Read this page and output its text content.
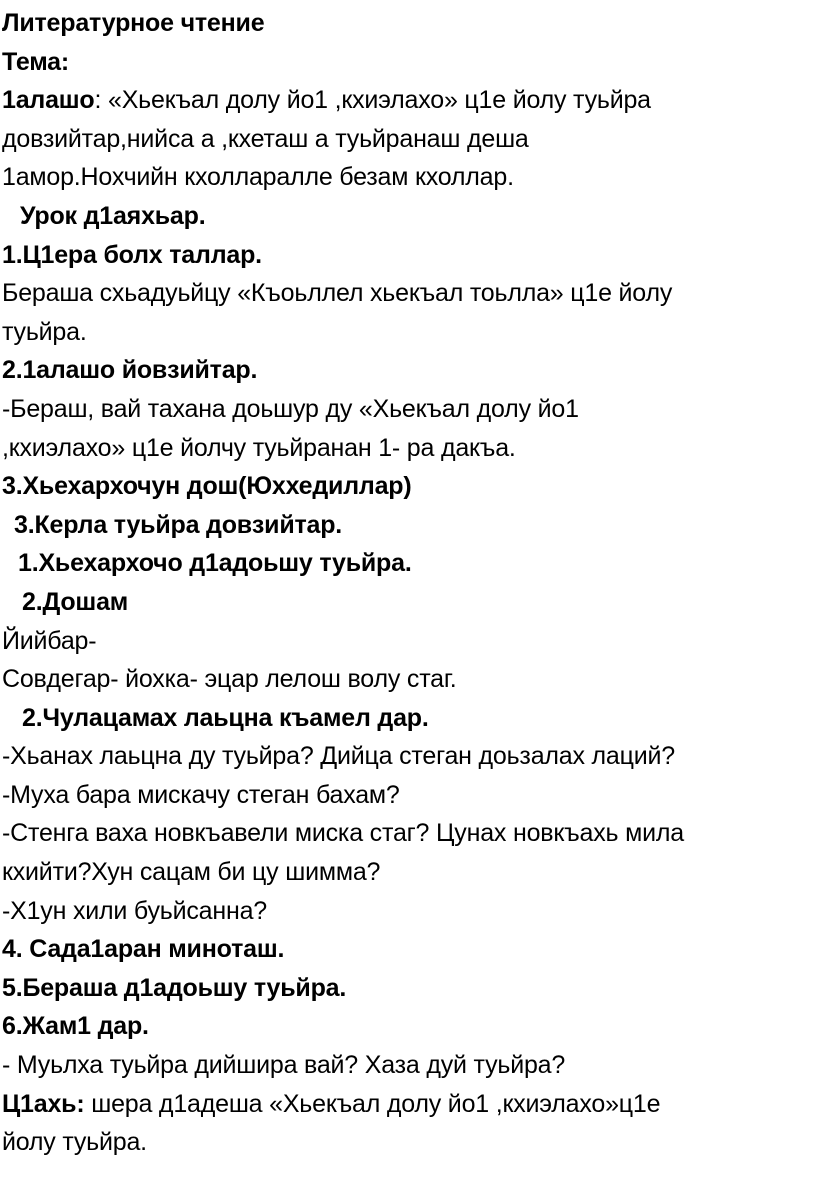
Литературное чтение
Тема:
1алашо: «Хьекъал долу йо1 ,кхиэлахо» ц1е йолу туьйра
довзийтар,нийса а ,кхеташ а туьйранаш деша
1амор.Нохчийн кхолларалле безам кхоллар.
Урок д1аяхьар.
1.Ц1ера болх таллар.
Бераша схьадуьйцу «Къоьллел хьекъал тоьлла» ц1е йолу
туьйра.
2.1алашо йовзийтар.
-Бераш, вай тахана доьшур ду «Хьекъал долу йо1
,кхиэлахо» ц1е йолчу туьйранан 1- ра дакъа.
3.Хьехархочун дош(Юххедиллар)
3.Керла туьйра довзийтар.
1.Хьехархочо д1адоьшу туьйра.
2.Дошам
Йийбар-
Совдегар- йохка- эцар лелош волу стаг.
2.Чулацамах лаьцна къамел дар.
-Хьанах лаьцна ду туьйра? Дийца стеган доьзалах лаций?
-Муха бара мискачу стеган бахам?
-Стенга ваха новкъавели миска стаг? Цунах новкъахь мила
кхийти?Хун сацам би цу шимма?
-Х1ун хили буьйсанна?
4. Сада1аран миноташ.
5.Бераша д1адоьшу туьйра.
6.Жам1 дар.
- Муьлха туьйра дийшира вай? Хаза дуй туьйра?
Ц1ахь: шера д1адеша «Хьекъал долу йо1 ,кхиэлахо»ц1е
йолу туьйра.
